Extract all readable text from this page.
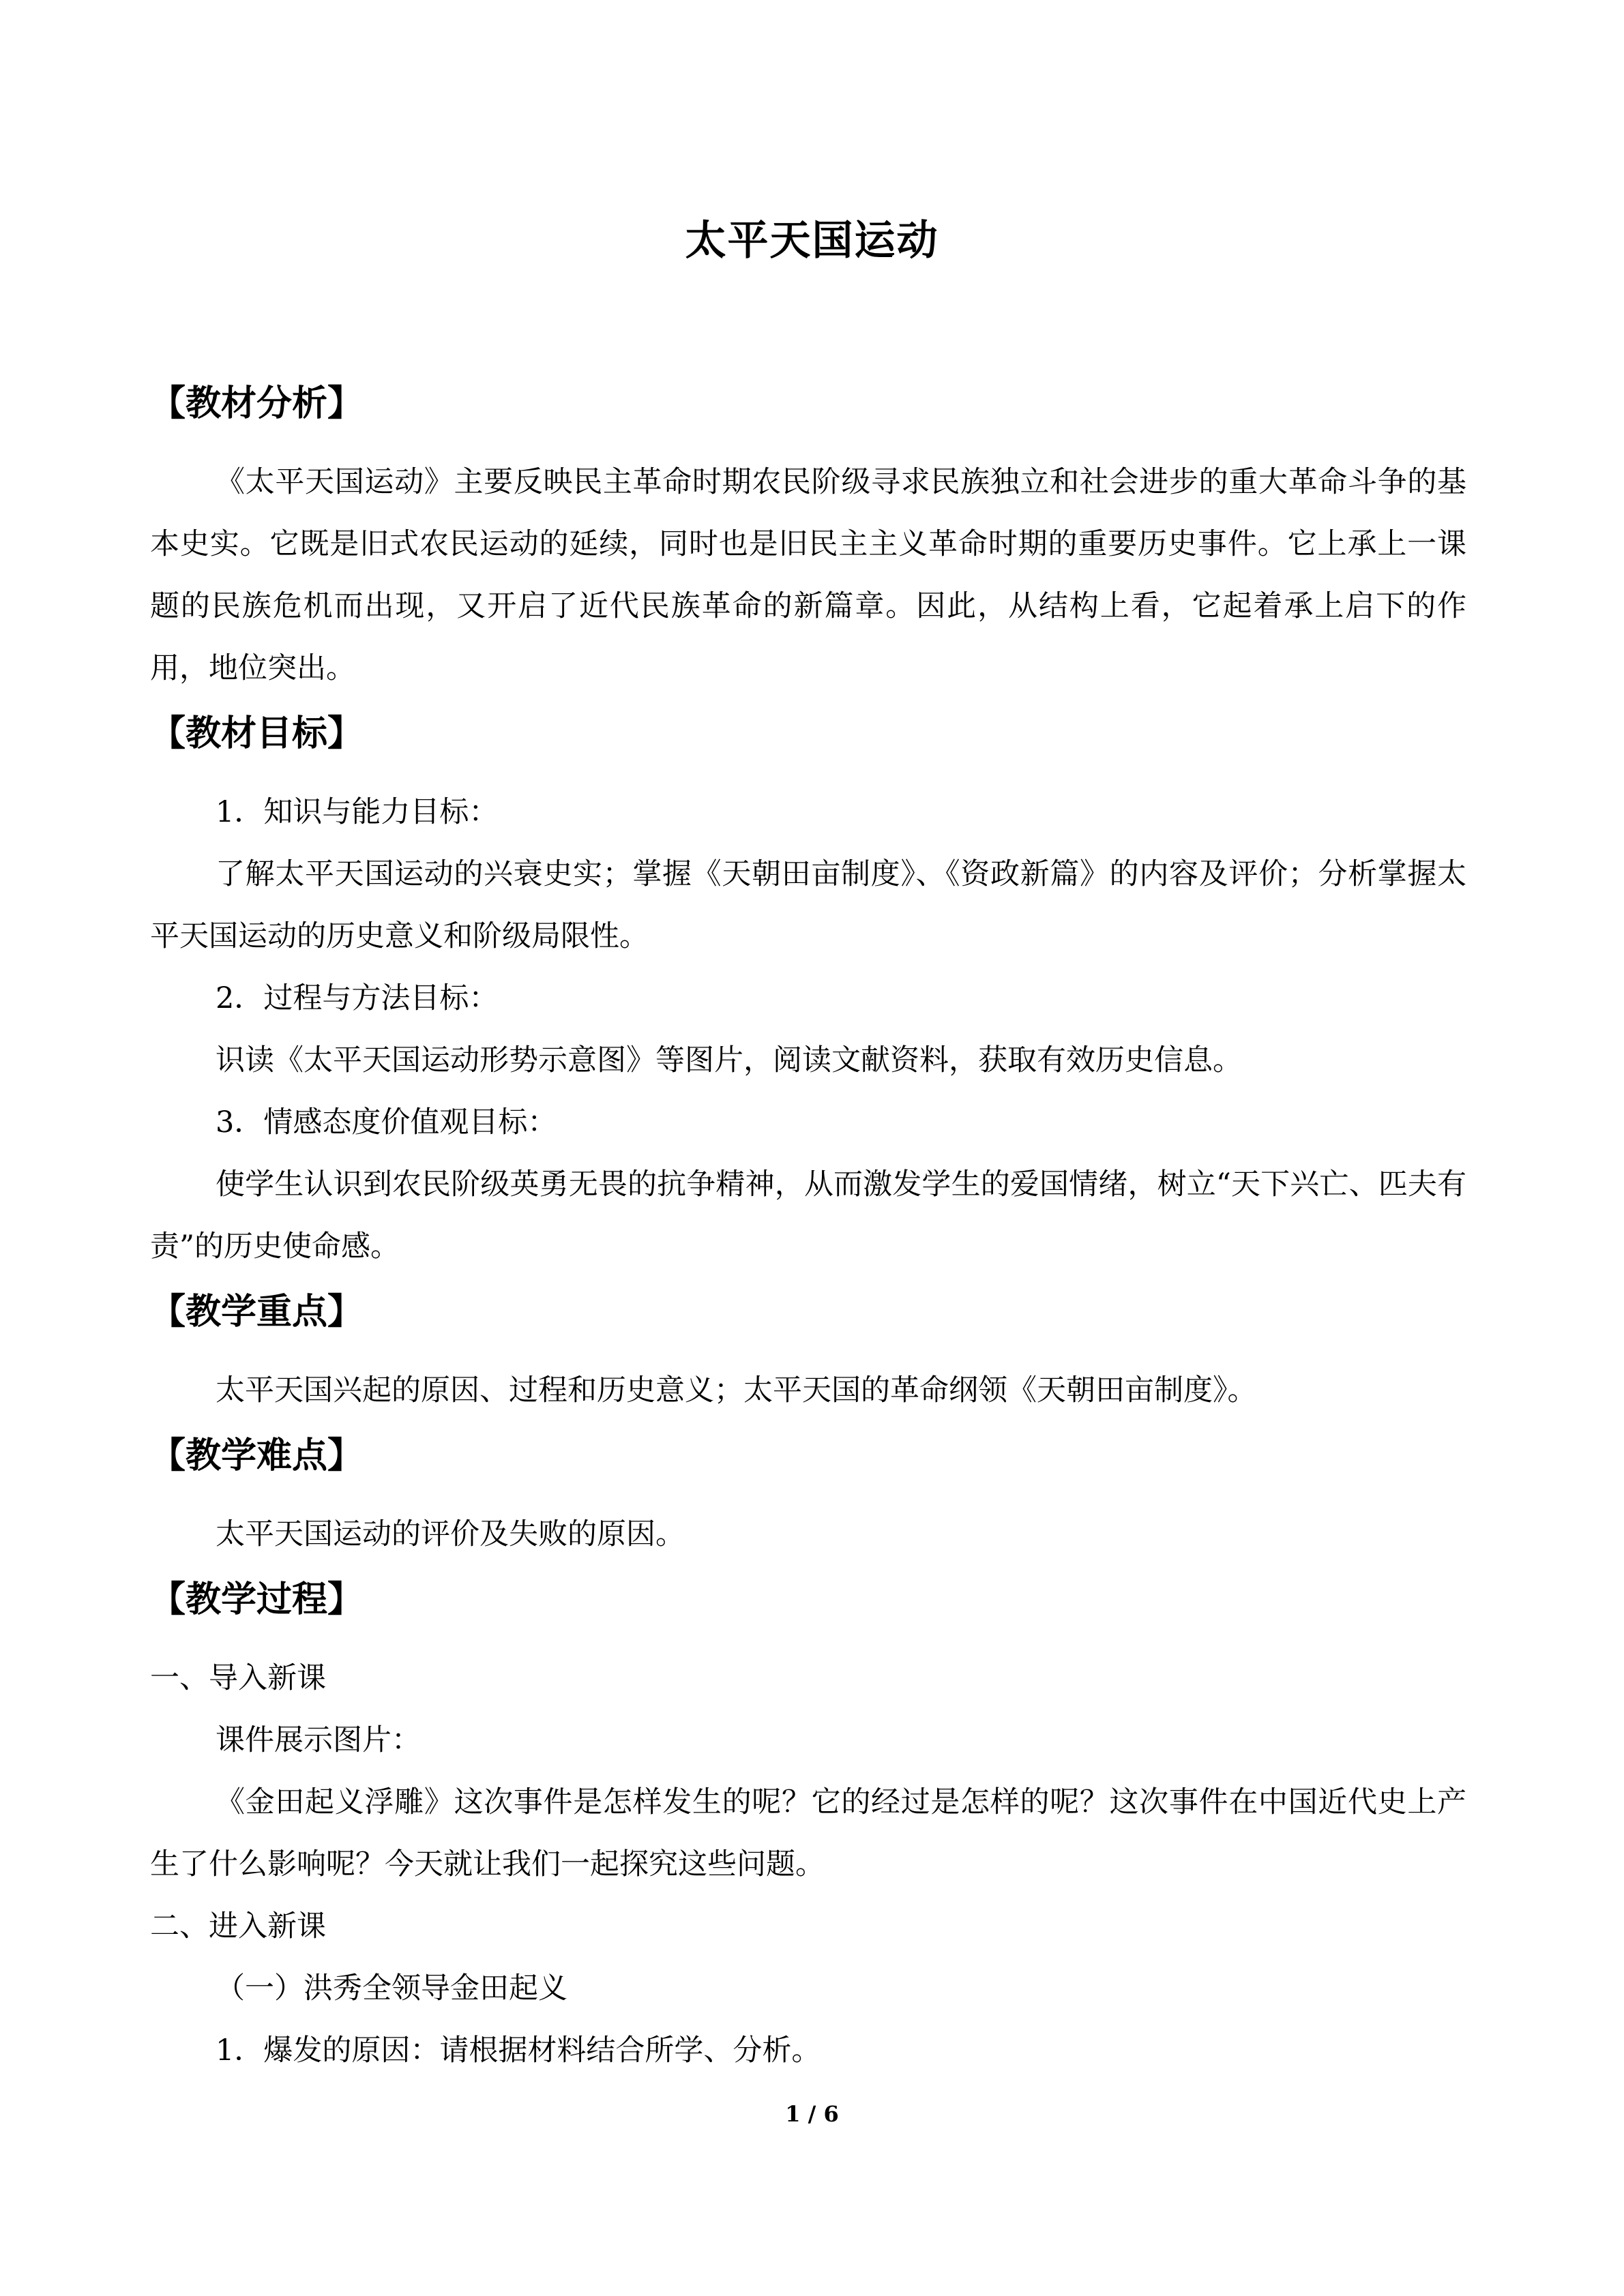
太平天国运动
【教材分析】

《太平天国运动》主要反映民主革命时期农民阶级寻求民族独立和社会进步的重大革命斗争的基本史实。它既是旧式农民运动的延续，同时也是旧民主主义革命时期的重要历史事件。它上承上一课题的民族危机而出现，又开启了近代民族革命的新篇章。因此，从结构上看，它起着承上启下的作用，地位突出。

【教材目标】

1．知识与能力目标：

了解太平天国运动的兴衰史实；掌握《天朝田亩制度》、《资政新篇》的内容及评价；分析掌握太平天国运动的历史意义和阶级局限性。

2．过程与方法目标：

识读《太平天国运动形势示意图》等图片，阅读文献资料，获取有效历史信息。

3．情感态度价值观目标：

使学生认识到农民阶级英勇无畏的抗争精神，从而激发学生的爱国情绪，树立“天下兴亡、匹夫有责”的历史使命感。

【教学重点】

太平天国兴起的原因、过程和历史意义；太平天国的革命纲领《天朝田亩制度》。

【教学难点】

太平天国运动的评价及失败的原因。

【教学过程】

一、导入新课

课件展示图片：

《金田起义浮雕》这次事件是怎样发生的呢？它的经过是怎样的呢？这次事件在中国近代史上产生了什么影响呢？今天就让我们一起探究这些问题。

二、进入新课

（一）洪秀全领导金田起义

1．爆发的原因：请根据材料结合所学、分析。

1 / 6
